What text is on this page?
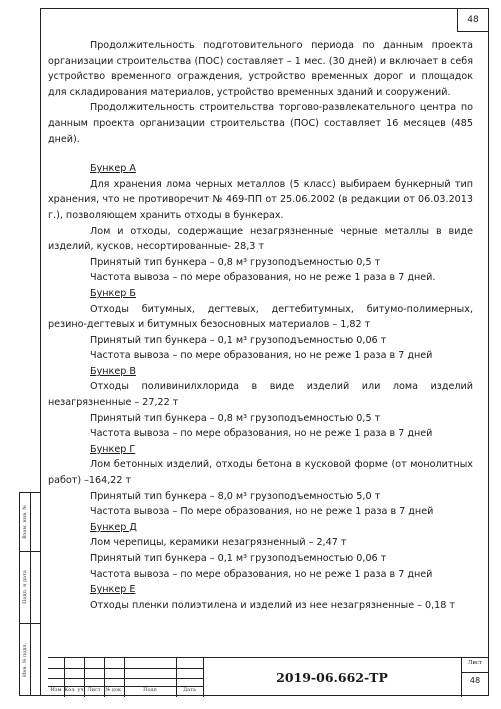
48

Продолжительность подготовительного периода по данным проекта организации строительства (ПОС) составляет – 1 мес. (30 дней) и включает в себя устройство временного ограждения, устройство временных дорог и площадок для складирования материалов, устройство временных зданий и сооружений.

Продолжительность строительства торгово-развлекательного центра по данным проекта организации строительства (ПОС) составляет 16 месяцев (485 дней).

Бункер А

Для хранения лома черных металлов (5 класс) выбираем бункерный тип хранения, что не противоречит № 469-ПП от 25.06.2002 (в редакции от 06.03.2013 г.), позволяющем хранить отходы в бункерах.

Лом и отходы, содержащие незагрязненные черные металлы в виде изделий, кусков, несортированные- 28,3 т

Принятый тип бункера – 0,8 м³ грузоподъемностью 0,5 т

Частота вывоза – по мере образования, но не реже 1 раза в 7 дней.

Бункер Б

Отходы битумных, дегтевых, дегтебитумных, битумо-полимерных, резино-дегтевых и битумных безосновных материалов – 1,82 т

Принятый тип бункера – 0,1 м³ грузоподъемностью 0,06 т

Частота вывоза – по мере образования, но не реже 1 раза в 7 дней

Бункер В

Отходы поливинилхлорида в виде изделий или лома изделий незагрязненные – 27,22 т

Принятый тип бункера – 0,8 м³ грузоподъемностью 0,5 т

Частота вывоза – по мере образования, но не реже 1 раза в 7 дней

Бункер Г

Лом бетонных изделий, отходы бетона в кусковой форме (от монолитных работ) –164,22 т

Принятый тип бункера – 8,0 м³ грузоподъемностью 5,0 т

Частота вывоза – По мере образования, но не реже 1 раза в 7 дней

Бункер Д

Лом черепицы, керамики незагрязненный – 2,47 т

Принятый тип бункера – 0,1 м³ грузоподъемностью 0,06 т

Частота вывоза – по мере образования, но не реже 1 раза в 7 дней

Бункер Е

Отходы пленки полиэтилена и изделий из нее незагрязненные – 0,18 т

Взам. инв. №
Подп. и дата
Инв. № подл.
Изм Кол. уч Лист № док.	Подп	Дата
2019-06.662-ТР
Лист
48
